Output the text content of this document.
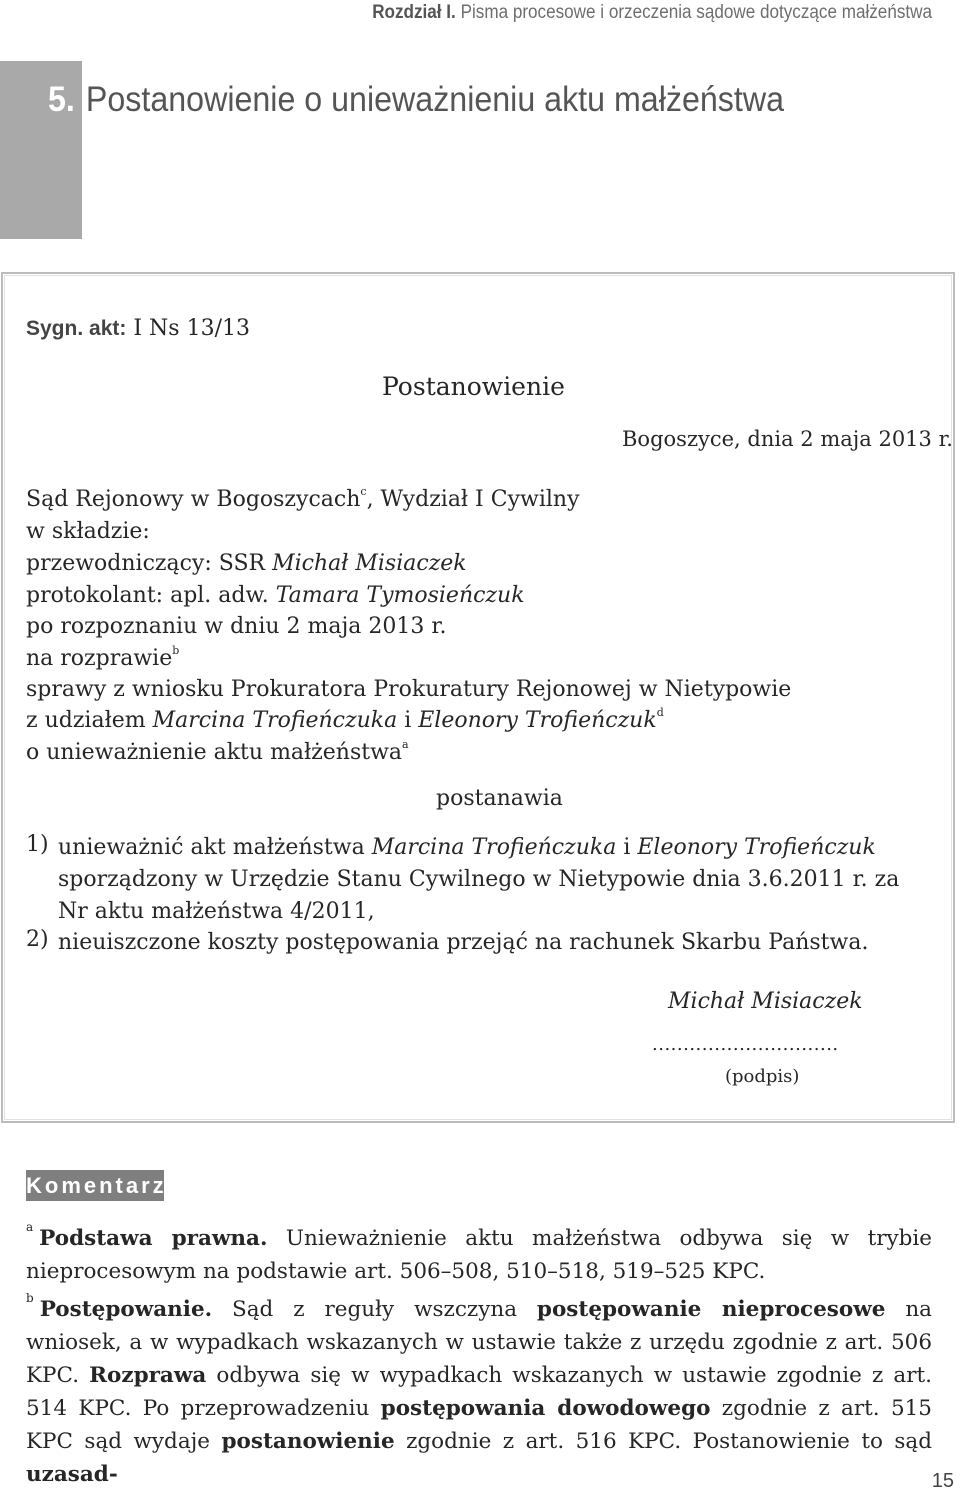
Rozdział I. Pisma procesowe i orzeczenia sądowe dotyczące małżeństwa
5. Postanowienie o unieważnieniu aktu małżeństwa
Sygn. akt: I Ns 13/13
Postanowienie
Bogoszyce, dnia 2 maja 2013 r.
Sąd Rejonowy w Bogoszycach$^c$, Wydział I Cywilny
w składzie:
przewodniczący: SSR Michał Misiaczek
protokolant: apl. adw. Tamara Tymosieńczuk
po rozpoznaniu w dniu 2 maja 2013 r.
na rozprawie$^b$
sprawy z wniosku Prokuratora Prokuratury Rejonowej w Nietypowie
z udziałem Marcina Trofieńczuka i Eleonory Trofieńczuk$^d$
o unieważnienie aktu małżeństwa$^a$
postanawia
1) unieważnić akt małżeństwa Marcina Trofieńczuka i Eleonory Trofieńczuk sporządzony w Urzędzie Stanu Cywilnego w Nietypowie dnia 3.6.2011 r. za Nr aktu małżeństwa 4/2011,
2) nieuiszczone koszty postępowania przejąć na rachunek Skarbu Państwa.
Michał Misiaczek
..............................
(podpis)
Komentarz
$^a$ Podstawa prawna. Unieważnienie aktu małżeństwa odbywa się w trybie nieprocesowym na podstawie art. 506–508, 510–518, 519–525 KPC.
$^b$ Postępowanie. Sąd z reguły wszczyna postępowanie nieprocesowe na wniosek, a w wypadkach wskazanych w ustawie także z urzędu zgodnie z art. 506 KPC. Rozprawa odbywa się w wypadkach wskazanych w ustawie zgodnie z art. 514 KPC. Po przeprowadzeniu postępowania dowodowego zgodnie z art. 515 KPC sąd wydaje postanowienie zgodnie z art. 516 KPC. Postanowienie to sąd uzasad-	15
